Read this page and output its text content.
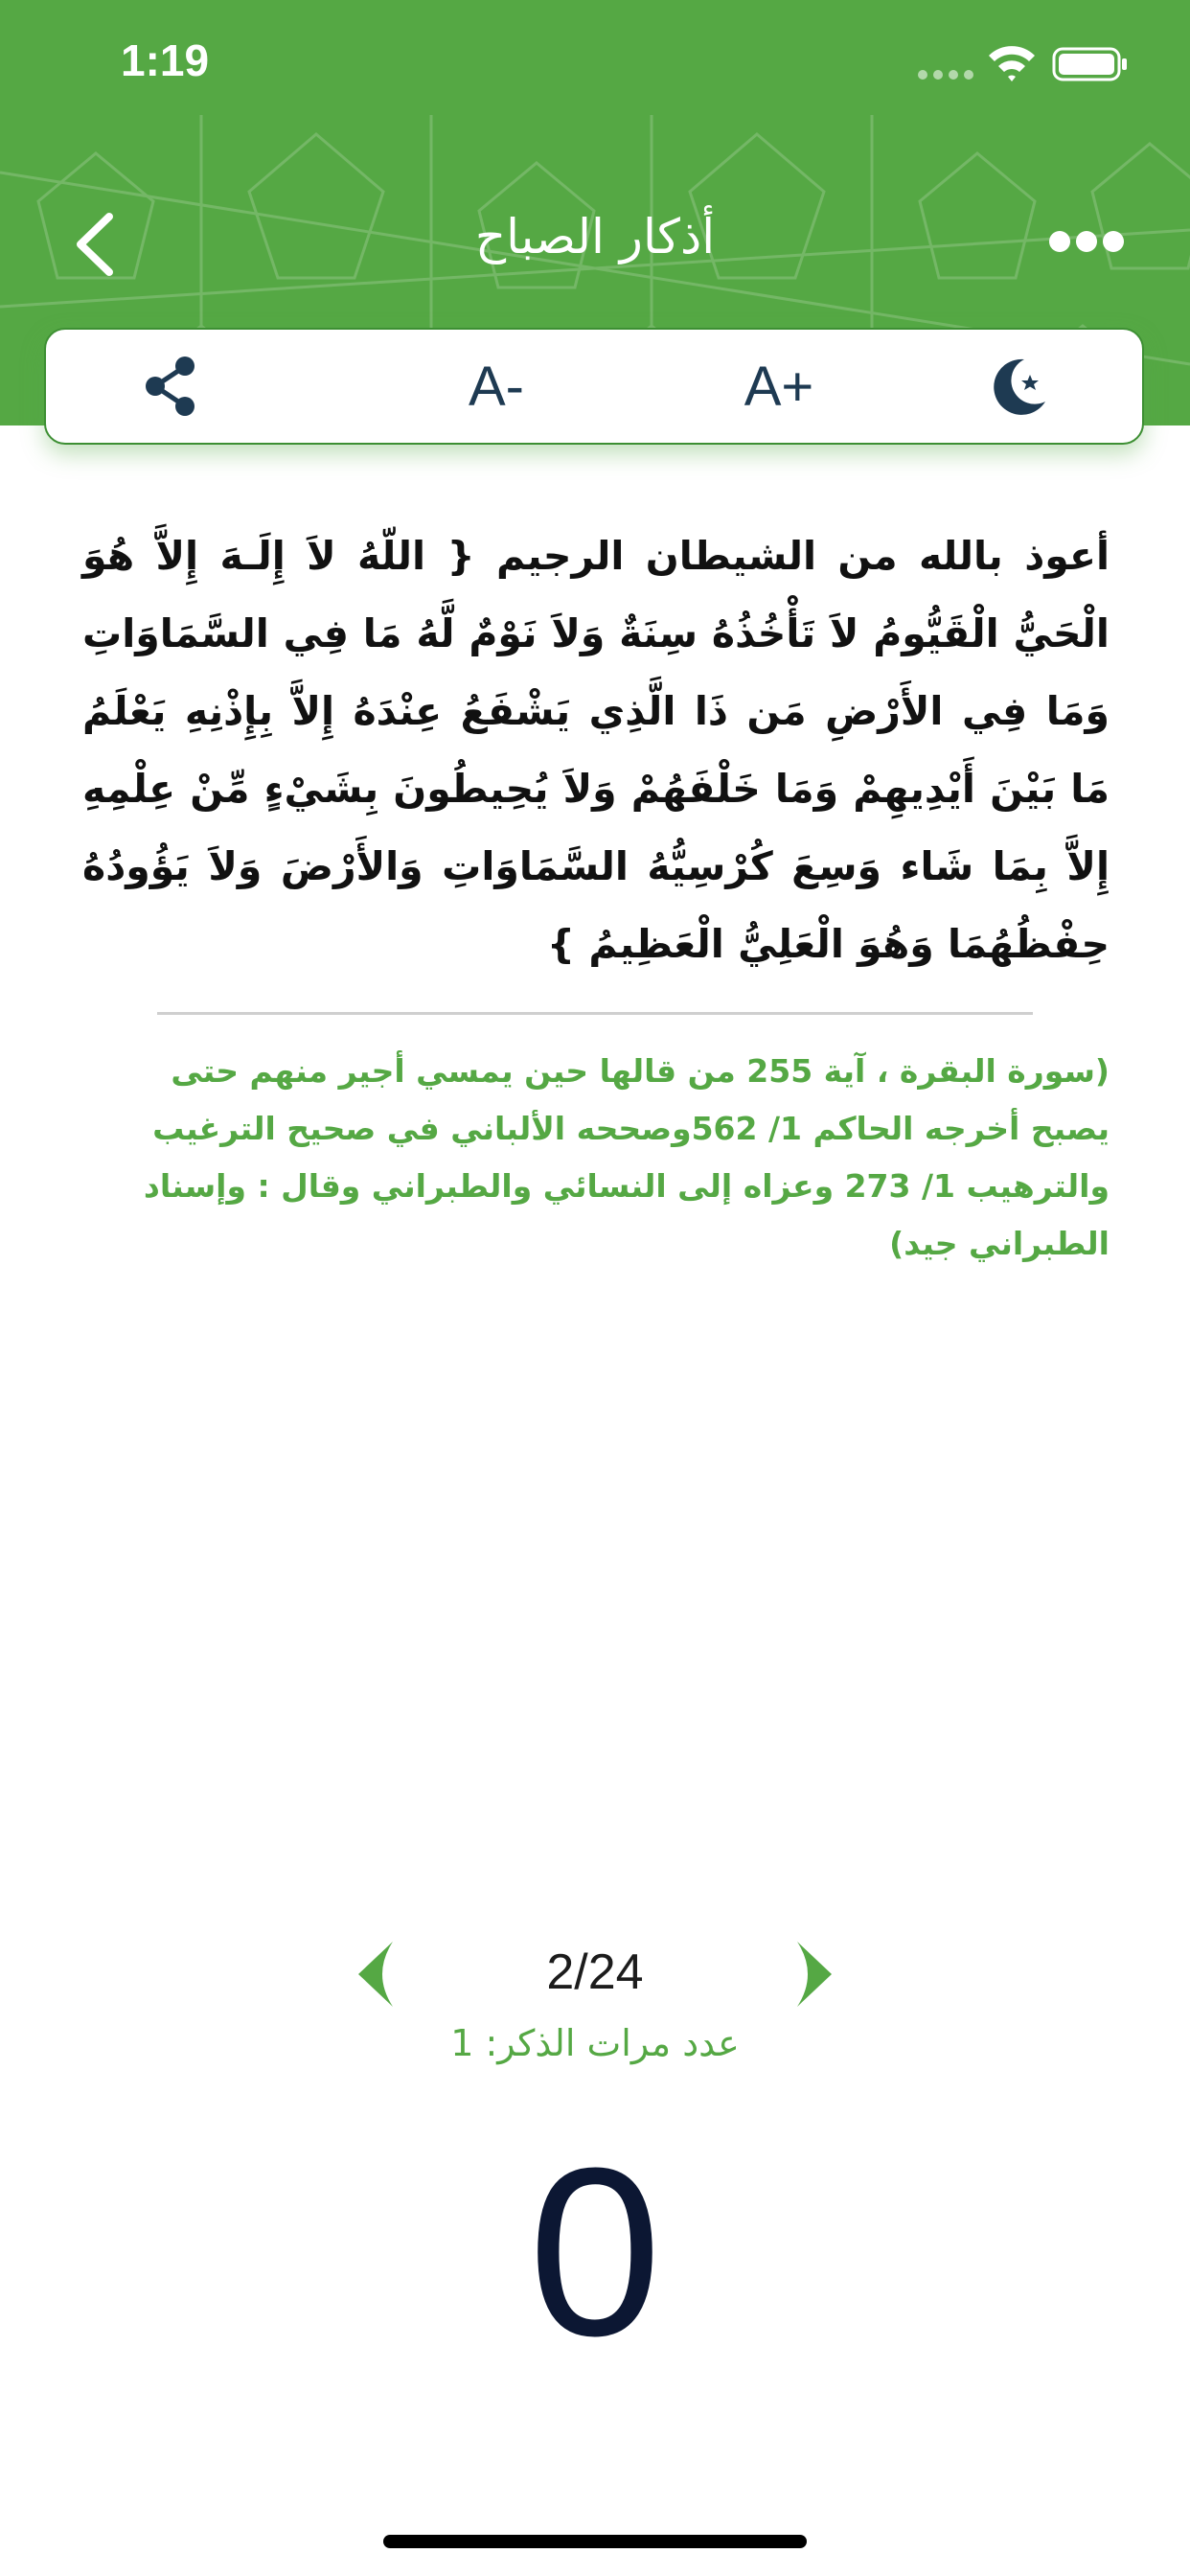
1:19
أذكار الصباح
A-	A+
أعوذ بالله من الشيطان الرجيم { اللّهُ لاَ إِلَـهَ إِلاَّ هُوَ الْحَيُّ الْقَيُّومُ لاَ تَأْخُذُهُ سِنَةٌ وَلاَ نَوْمٌ لَّهُ مَا فِي السَّمَاوَاتِ وَمَا فِي الأَرْضِ مَن ذَا الَّذِي يَشْفَعُ عِنْدَهُ إِلاَّ بِإِذْنِهِ يَعْلَمُ مَا بَيْنَ أَيْدِيهِمْ وَمَا خَلْفَهُمْ وَلاَ يُحِيطُونَ بِشَيْءٍ مِّنْ عِلْمِهِ إِلاَّ بِمَا شَاء وَسِعَ كُرْسِيُّهُ السَّمَاوَاتِ وَالأَرْضَ وَلاَ يَؤُودُهُ حِفْظُهُمَا وَهُوَ الْعَلِيُّ الْعَظِيمُ }
(سورة البقرة ، آية 255 من قالها حين يمسي أجير منهم حتى يصبح أخرجه الحاكم 1/ 562وصححه الألباني في صحيح الترغيب والترهيب 1/ 273 وعزاه إلى النسائي والطبراني وقال : وإسناد الطبراني جيد)
2/24
عدد مرات الذكر: 1
0
